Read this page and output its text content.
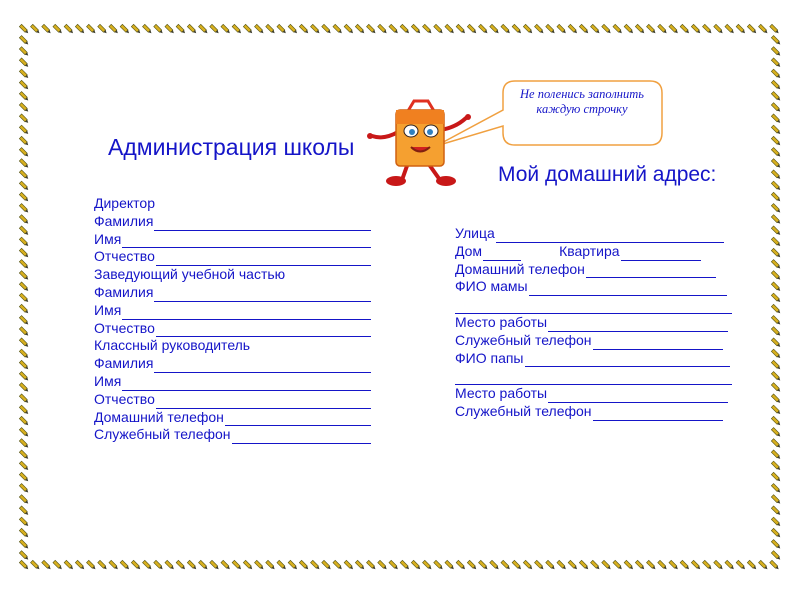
Не поленись заполнить каждую строчку
Администрация школы
Мой домашний адрес:
Директор
Фамилия
Имя
Отчество
Заведующий учебной частью
Фамилия
Имя
Отчество
Классный руководитель
Фамилия
Имя
Отчество
Домашний телефон
Служебный телефон
Улица
Дом	Квартира
Домашний телефон
ФИО мамы
Место работы
Служебный телефон
ФИО папы
Место работы
Служебный телефон
